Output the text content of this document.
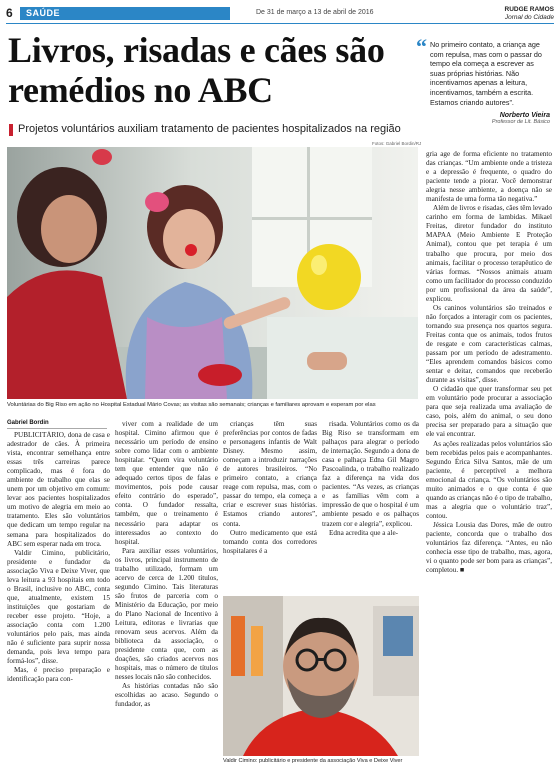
6	SAÚDE	De 31 de março a 13 de abril de 2016	RUDGE RAMOS
Jornal do Cidade
Livros, risadas e cães são remédios no ABC
Projetos voluntários auxiliam tratamento de pacientes hospitalizados na região
“ No primeiro contato, a criança age com repulsa, mas com o passar do tempo ela começa a escrever as suas próprias histórias. Não incentivamos apenas a leitura, incentivamos, também a escrita. Estamos criando autores”.
Norberto Vieira
Professor de Lit. Básico
Fotos: Gabriel Bordin/RJ
Voluntárias do Big Riso em ação no Hospital Estadual Mário Covas; as visitas são semanais; crianças e familiares aprovam e esperam por elas
Gabriel Bordin

PUBLICITÁRIO, dona de casa e adestrador de cães. À primeira vista, encontrar semelhança entre essas três carreiras parece complicado, mas é fora do ambiente de trabalho que elas se unem por um objetivo em comum: levar aos pacientes hospitalizados um motivo de alegria em meio ao tratamento. Eles são voluntários que dedicam um tempo regular na semana para hospitalizados do ABC sem esperar nada em troca.

Valdir Cimino, publicitário, presidente e fundador da associação Viva e Deixe Viver, que leva leitura a 93 hospitais em todo o Brasil, inclusive no ABC, conta que, atualmente, existem 15 instituições que gostariam de receber esse projeto. “Hoje, a associação conta com 1.200 voluntários pelo país, mas ainda não é suficiente para suprir nossa demanda, pois leva tempo para formá-los”, disse.

Mas, é preciso preparação e identificação para con-

viver com a realidade de um hospital. Cimino afirmou que é necessário um período de ensino sobre como lidar com o ambiente hospitalar. “Quem vira voluntário tem que entender que não é adequado certos tipos de falas e movimentos, pois pode causar efeito contrário do esperado”, conta. O fundador ressalta, também, que o treinamento é necessário para adaptar os interessados ao contexto do hospital.

Para auxiliar esses voluntários, os livros, principal instrumento de trabalho utilizado, formam um acervo de cerca de 1.200 títulos, segundo Cimino. Tais literaturas são frutos de parceria com o Ministério da Educação, por meio do Plano Nacional de Incentivo à Leitura, editoras e livrarias que renovam seus acervos. Além da biblioteca da associação, o presidente conta que, com as doações, são criados acervos nos hospitais, mas o número de títulos nesses locais não são conhecidos.

As histórias contadas não são escolhidas ao acaso. Segundo o fundador, as

crianças têm suas preferências por contos de fadas e personagens infantis de Walt Disney. Mesmo assim, começam a introduzir narrações de autores brasileiros. “No primeiro contato, a criança reage com repulsa, mas, com o passar do tempo, ela começa a criar e escrever suas histórias. Estamos criando autores”, conta.

Outro medicamento que está tomando conta dos corredores hospitalares é a

risada. Voluntários como os da Big Riso se transformam em palhaços para alegrar o período de internação. Segundo a dona de casa e palhaça Edna Gil Magro Pascoalinda, o trabalho realizado faz a diferença na vida dos pacientes. “As vezes, as crianças e as famílias vêm com a impressão de que o hospital é um ambiente pesado e os palhaços trazem cor e alegria”, explicou.

Edna acredita que a ale-

gria age de forma eficiente no tratamento das crianças. “Um ambiente onde a tristeza e a depressão é frequente, o quadro do paciente tende a piorar. Você demonstrar alegria nesse ambiente, a doença não se manifesta de uma forma tão negativa.”

Além de livros e risadas, cães têm levado carinho em forma de lambidas. Mikael Freitas, diretor fundador do instituto MAPAA (Meio Ambiente E Proteção Animal), contou que pet terapia é um trabalho que procura, por meio dos animais, facilitar o processo terapêutico de várias formas. “Nossos animais atuam como um facilitador do processo conduzido por um profissional da área da saúde”, explicou.

Os caninos voluntários são treinados e não forçados a interagir com os pacientes, tornando sua presença nos quartos segura. Freitas conta que os animais, todos frutos de resgate e com características calmas, passam por um período de adestramento. “Eles aprendem comandos básicos como sentar e deitar, comandos que receberão durante as visitas”, disse.

O cidadão que quer transformar seu pet em voluntário pode procurar a associação para que seja realizada uma avaliação de caso, pois, além do animal, o seu dono precisa ser preparado para a situação que ele vai encontrar.

As ações realizadas pelos voluntários são bem recebidas pelos pais e acompanhantes. Segundo Érica Silva Santos, mãe de um paciente, é perceptível a melhora emocional da criança. “Os voluntários são muito animados e o que conta é que quando as crianças não é o tipo de trabalho, mas a alegria que o voluntário traz”, contou.

Jéssica Lousia das Dores, mãe de outro paciente, concorda que o trabalho dos voluntários faz diferença. “Antes, eu não conhecia esse tipo de trabalho, mas, agora, vi o quanto pode ser bom para as crianças”, completou. ■

Valdir Cimino: publicitário e presidente da associação Viva e Deixe Viver
